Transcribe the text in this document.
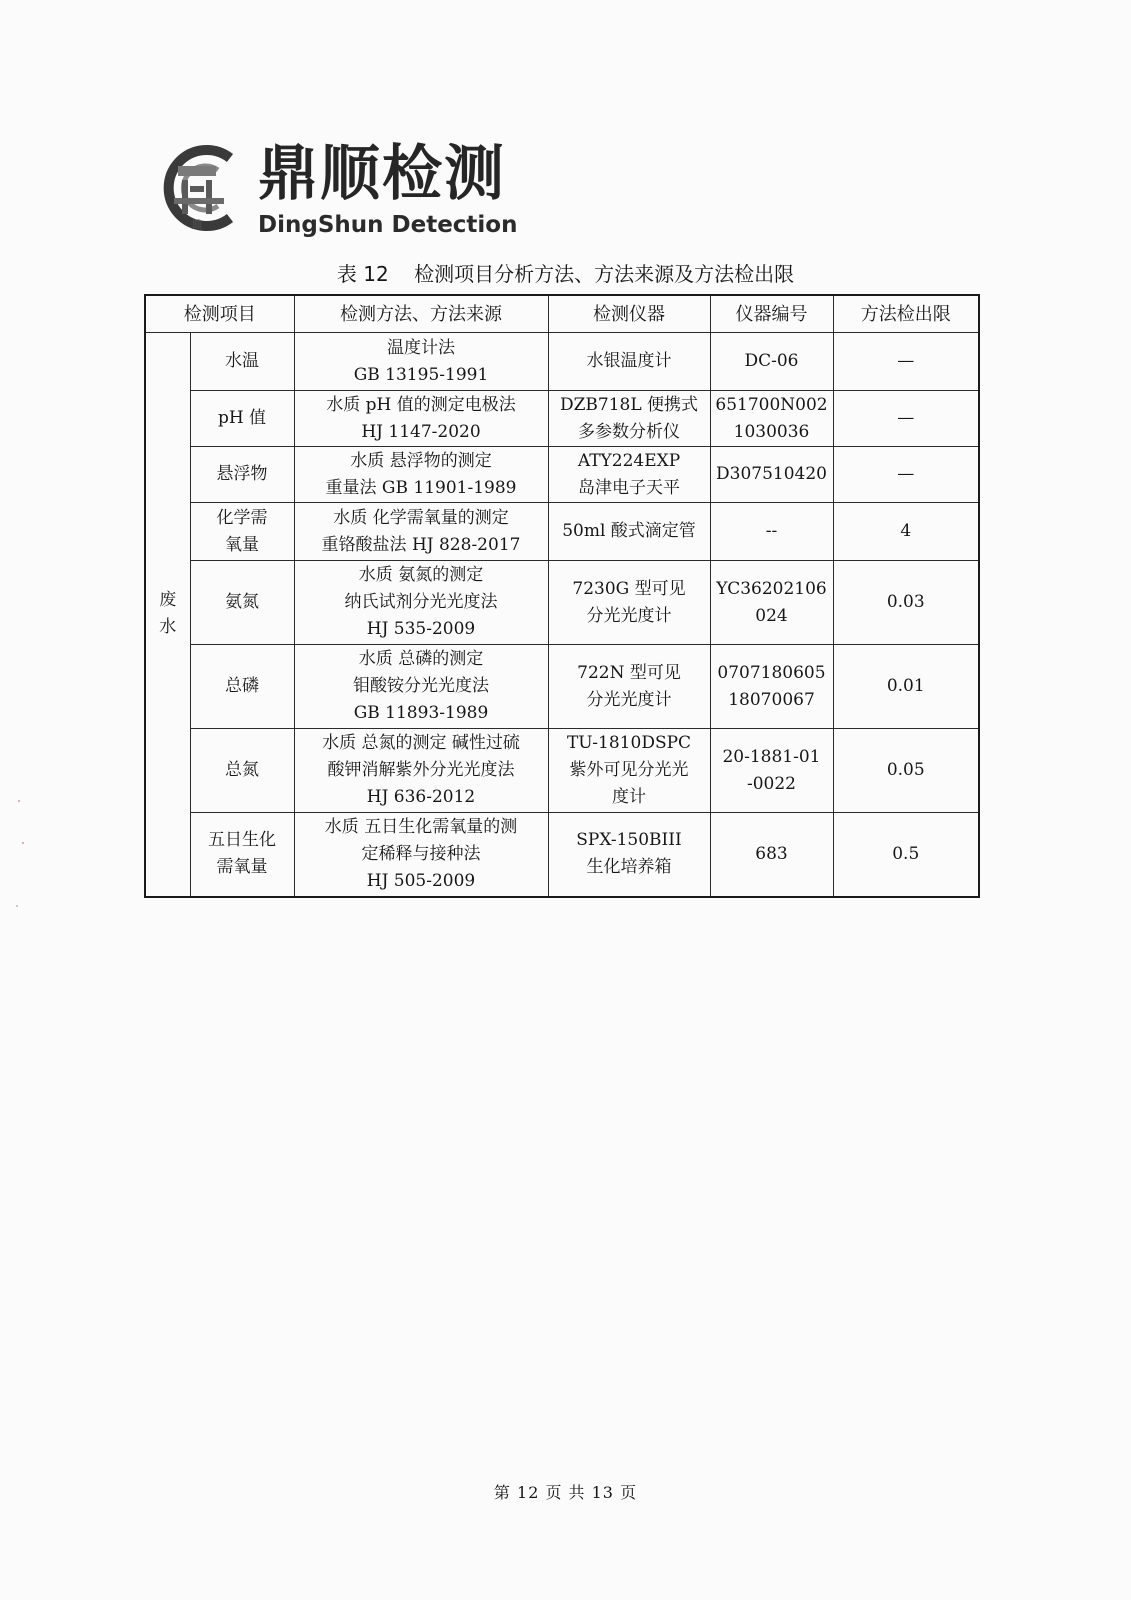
鼎
鼎顺检测
DingShun Detection
表 12    检测项目分析方法、方法来源及方法检出限
检测项目		检测方法、方法来源	检测仪器	仪器编号	方法检出限

废
水	水温	温度计法
GB 13195-1991	水银温度计	DC-06	—

	pH 值	水质 pH 值的测定电极法
HJ 1147-2020	DZB718L 便携式
多参数分析仪	651700N002
1030036	—

	悬浮物	水质 悬浮物的测定
重量法 GB 11901-1989	ATY224EXP
岛津电子天平	D307510420	—

	化学需
氧量	水质 化学需氧量的测定
重铬酸盐法 HJ 828-2017	50ml 酸式滴定管	--	4

	氨氮	水质 氨氮的测定
纳氏试剂分光光度法
HJ 535-2009	7230G 型可见
分光光度计	YC36202106
024	0.03

	总磷	水质 总磷的测定
钼酸铵分光光度法
GB 11893-1989	722N 型可见
分光光度计	0707180605
18070067	0.01

	总氮	水质 总氮的测定 碱性过硫
酸钾消解紫外分光光度法
HJ 636-2012	TU-1810DSPC
紫外可见分光光
度计	20-1881-01
-0022	0.05

	五日生化
需氧量	水质 五日生化需氧量的测
定稀释与接种法
HJ 505-2009	SPX-150BIII
生化培养箱	683	0.5
第 12 页 共 13 页
